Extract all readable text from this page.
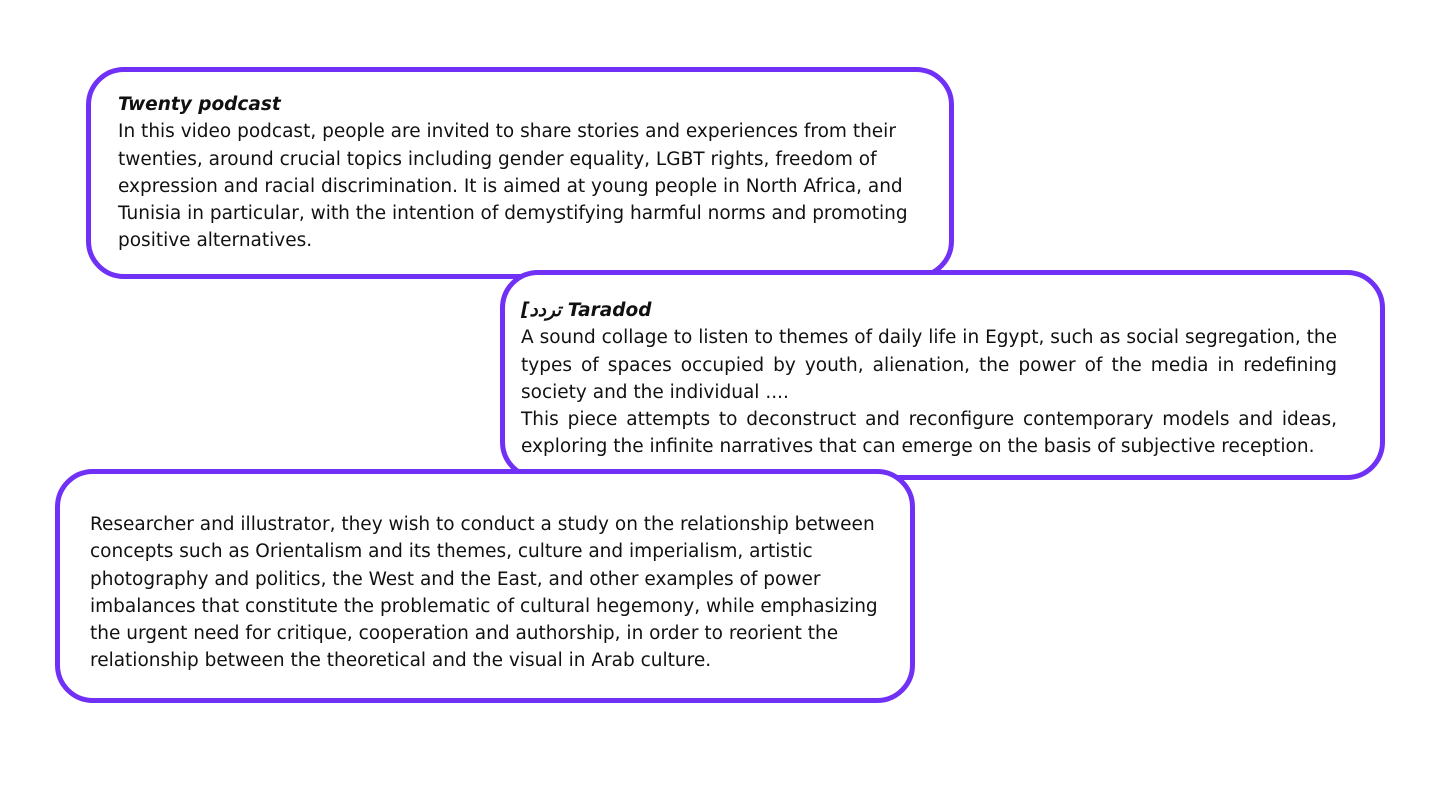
Twenty podcast

In this video podcast, people are invited to share stories and experiences from their twenties, around crucial topics including gender equality, LGBT rights, freedom of expression and racial discrimination. It is aimed at young people in North Africa, and Tunisia in particular, with the intention of demystifying harmful norms and promoting positive alternatives.

[تردد Taradod

A sound collage to listen to themes of daily life in Egypt, such as social segregation, the types of spaces occupied by youth, alienation, the power of the media in redefining society and the individual ....

This piece attempts to deconstruct and reconfigure contemporary models and ideas, exploring the infinite narratives that can emerge on the basis of subjective reception.

Researcher and illustrator, they wish to conduct a study on the relationship between concepts such as Orientalism and its themes, culture and imperialism, artistic photography and politics, the West and the East, and other examples of power imbalances that constitute the problematic of cultural hegemony, while emphasizing the urgent need for critique, cooperation and authorship, in order to reorient the relationship between the theoretical and the visual in Arab culture.
